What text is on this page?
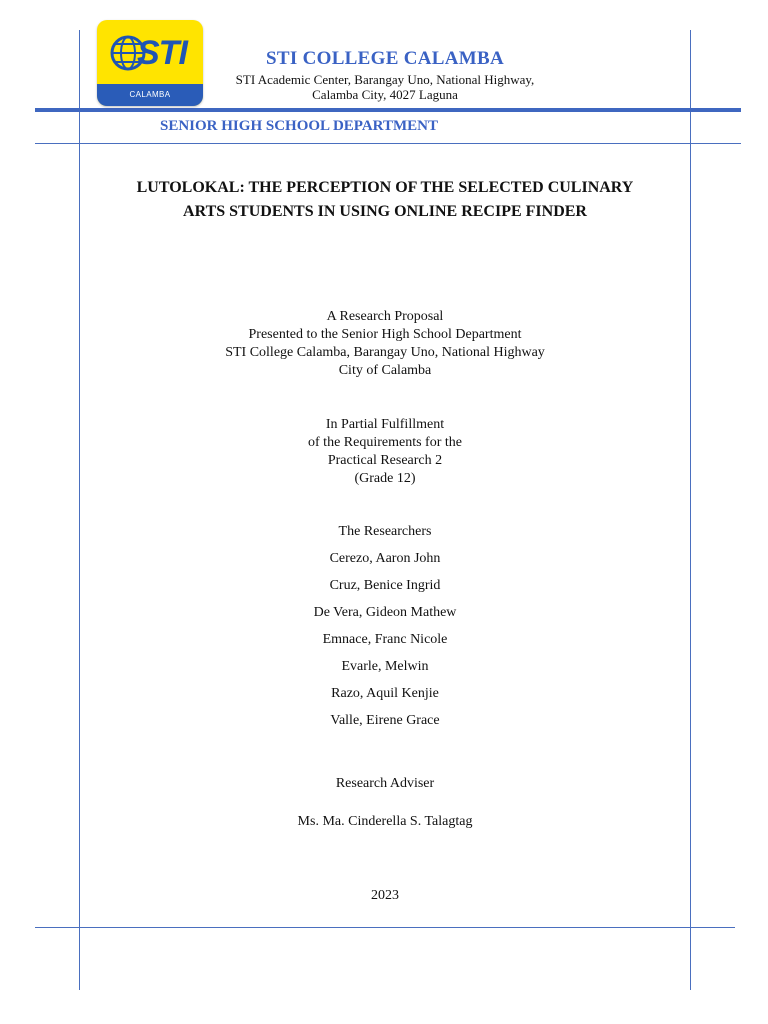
STI
CALAMBA
STI COLLEGE CALAMBA
STI Academic Center, Barangay Uno, National Highway,
Calamba City, 4027 Laguna
SENIOR HIGH SCHOOL DEPARTMENT
LUTOLOKAL: THE PERCEPTION OF THE SELECTED CULINARY
ARTS STUDENTS IN USING ONLINE RECIPE FINDER
A Research Proposal
Presented to the Senior High School Department
STI College Calamba, Barangay Uno, National Highway
City of Calamba
In Partial Fulfillment
of the Requirements for the
Practical Research 2
(Grade 12)
The Researchers
Cerezo, Aaron John
Cruz, Benice Ingrid
De Vera, Gideon Mathew
Emnace, Franc Nicole
Evarle, Melwin
Razo, Aquil Kenjie
Valle, Eirene Grace
Research Adviser
Ms. Ma. Cinderella S. Talagtag
2023
